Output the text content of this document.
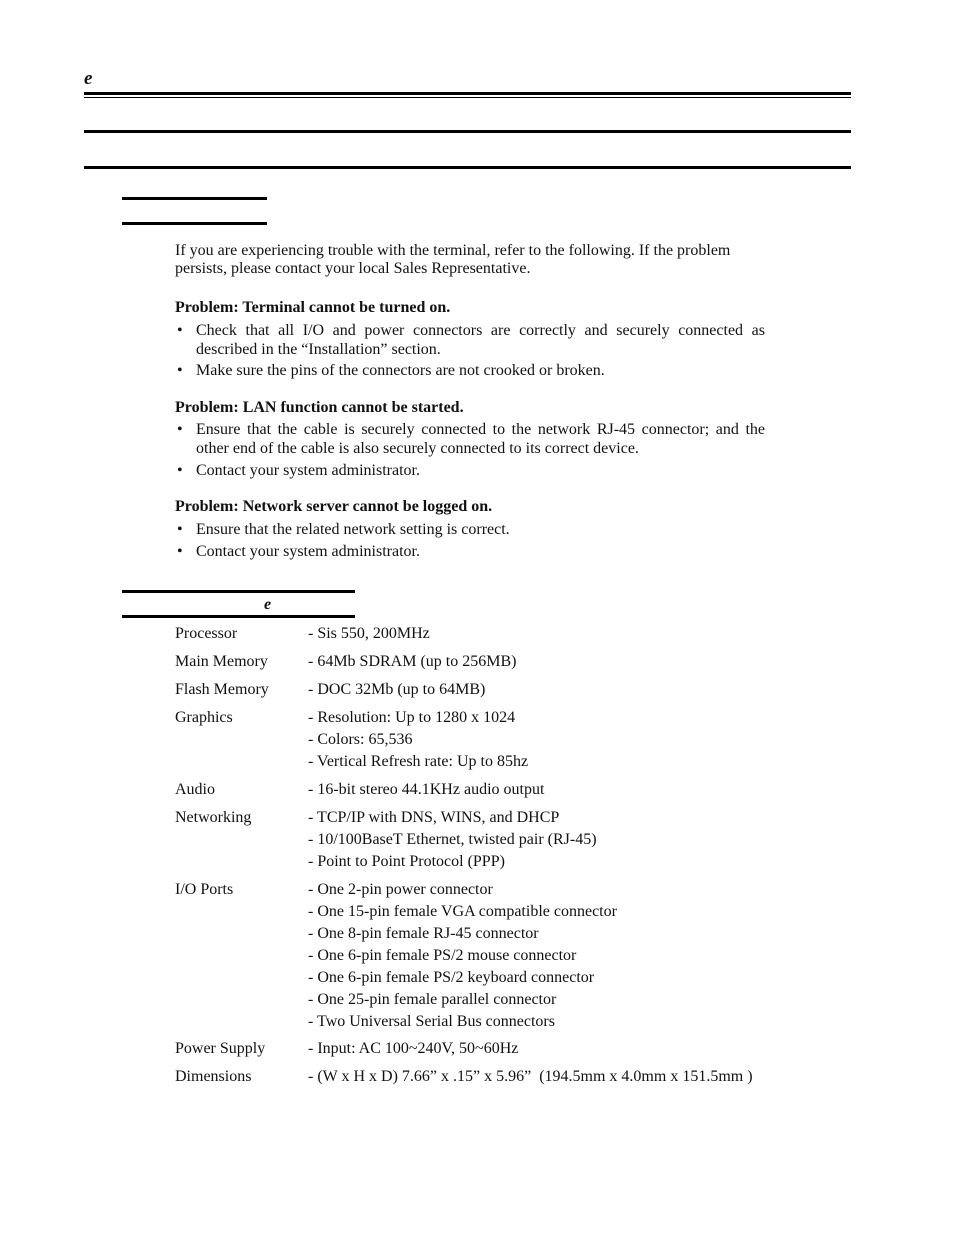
e
If you are experiencing trouble with the terminal, refer to the following. If the problem persists, please contact your local Sales Representative.
Problem: Terminal cannot be turned on.
• Check that all I/O and power connectors are correctly and securely connected as described in the “Installation” section.
• Make sure the pins of the connectors are not crooked or broken.
Problem: LAN function cannot be started.
• Ensure that the cable is securely connected to the network RJ-45 connector; and the other end of the cable is also securely connected to its correct device.
• Contact your system administrator.
Problem: Network server cannot be logged on.
• Ensure that the related network setting is correct.
• Contact your system administrator.
e
Processor	- Sis 550, 200MHz
Main Memory	- 64Mb SDRAM (up to 256MB)
Flash Memory - DOC 32Mb (up to 64MB)
Graphics	- Resolution: Up to 1280 x 1024
- Colors: 65,536
- Vertical Refresh rate: Up to 85hz
Audio	- 16-bit stereo 44.1KHz audio output
Networking	- TCP/IP with DNS, WINS, and DHCP
- 10/100BaseT Ethernet, twisted pair (RJ-45)
- Point to Point Protocol (PPP)
I/O Ports	- One 2-pin power connector
- One 15-pin female VGA compatible connector
- One 8-pin female RJ-45 connector
- One 6-pin female PS/2 mouse connector
- One 6-pin female PS/2 keyboard connector
- One 25-pin female parallel connector
- Two Universal Serial Bus connectors
Power Supply	- Input: AC 100~240V, 50~60Hz
Dimensions	- (W x H x D) 7.66” x .15” x 5.96”  (194.5mm x 4.0mm x 151.5mm )
